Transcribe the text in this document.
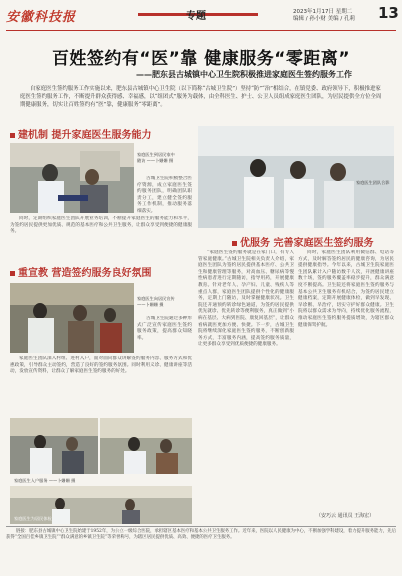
安徽科技报	专题	2023年1月17日 星期二
编辑 / 孙小财 美编 / 孔莉 13
百姓签约有“医”靠 健康服务“零距离”
——肥东县古城镇中心卫生院积极推进家庭医生签约服务工作
自家庭医生签约服务工作实施以来，肥东县古城镇中心卫生院（以下简称“古城卫生院”）坚持“防”“治”相结合，在镇党委、政府领导下，积极推进家庭医生签约服务工作，不断提升群众获得感、幸福感，以“组团式”服务为载体，由全科医生、护士、公卫人员组成家庭医生团队，为居民提供全方位全周期健康服务，切实让百姓签约有“医”靠，健康服务“零距离”。
建机制 提升家庭医生服务能力
家庭医生到居民家中随访 ——卜姗姗 摄
古城卫生院积极整合医疗资源，成立家庭医生签约服务团队，明确团队职责分工，建立健全签约服务工作机制，推动服务落细落实。
同时，定期组织家庭医生团队开展业务培训，不断提升家庭医生的服务能力和水平，为签约居民提供更加优质、规范的基本医疗和公共卫生服务，让群众享受到便捷的健康服务。
重宣教 营造签约服务良好氛围
家庭医生向居民宣传 ——卜姗姗 摄
古城卫生院通过多种形式广泛宣传家庭医生签约服务政策，提高群众知晓率。
家庭医生团队深入村组、进村入户，面对面向群众讲解签约服务内容、服务方式和优惠政策，引导群众主动签约，营造了良好的签约服务氛围。同时利用义诊、健康讲座等活动，发放宣传资料，让群众了解家庭医生签约服务的好处。
家庭医生入户服务 ——卜姗姗 摄
家庭医生为居民体检
家庭医生团队合影
优服务 完善家庭医生签约服务
“家庭医生签约服务就是在家门口，有专人管家庭健康。”古城卫生院相关负责人介绍，家庭医生团队为签约居民提供基本医疗、公共卫生和健康管理等服务，对高血压、糖尿病等慢性病患者进行定期随访，指导用药，开展健康教育。针对老年人、孕产妇、儿童、残疾人等重点人群，家庭医生团队提供个性化的健康服务，定期上门随访，及时掌握健康状况。卫生院还开通预约转诊绿色通道，为签约居民提供优先就诊、优先转诊等便利服务，真正做到“小病在基层、大病到医院、康复回基层”，让群众看病就医更加方便、快捷。下一步，古城卫生院将继续深化家庭医生签约服务，不断创新服务方式，丰富服务内涵，提高签约服务质量，让更多群众享受到优质便捷的健康服务。
同时，家庭医生团队利用微信群、电话等方式，及时解答签约居民的健康咨询，为居民提供健康指导。今年以来，古城卫生院家庭医生团队累计入户随访数千人次，开展健康讲座数十场，签约服务覆盖率稳步提升，群众满意度不断提高。卫生院还将家庭医生签约服务与基本公共卫生服务有机结合，为签约居民建立健康档案，定期开展健康体检，做到早发现、早诊断、早治疗，切实守护好群众健康。卫生院将以群众需求为导向，持续优化服务流程，推动家庭医生签约服务提质增效，为辖区群众健康保驾护航。
（安巧云 通讯员 王海宏）
链接：肥东县古城镇中心卫生院始建于1952年，为公立一级综合医院，承担辖区基本医疗和基本公共卫生服务工作。近年来，医院以人民健康为中心，不断加强学科建设，着力提升服务能力，先后获得“全国百佳乡镇卫生院”“群众满意的乡镇卫生院”等荣誉称号，为辖区居民提供优质、高效、便捷的医疗卫生服务。
